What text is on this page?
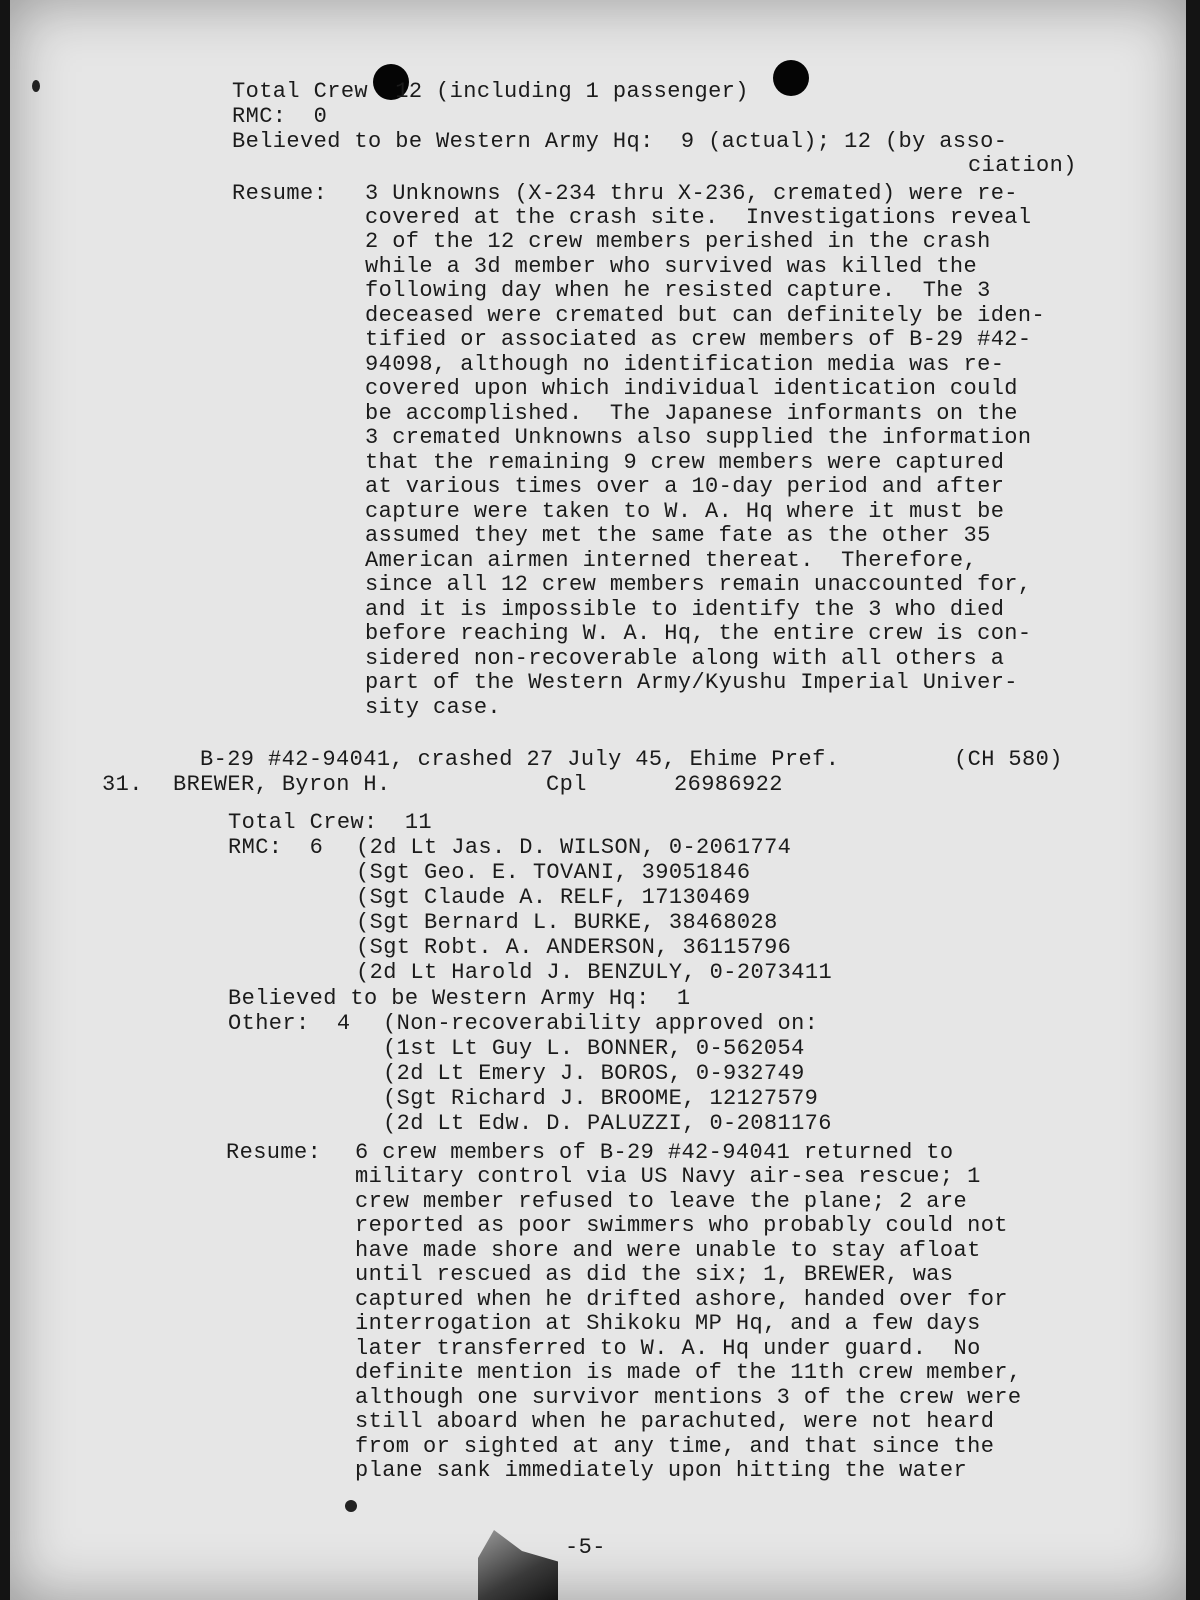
Total Crew  12 (including 1 passenger)
RMC:  0
Believed to be Western Army Hq:  9 (actual); 12 (by asso-
ciation)
Resume: 3 Unknowns (X-234 thru X-236, cremated) were re-
covered at the crash site.  Investigations reveal
2 of the 12 crew members perished in the crash
while a 3d member who survived was killed the
following day when he resisted capture.  The 3
deceased were cremated but can definitely be iden-
tified or associated as crew members of B-29 #42-
94098, although no identification media was re-
covered upon which individual identication could
be accomplished.  The Japanese informants on the
3 cremated Unknowns also supplied the information
that the remaining 9 crew members were captured
at various times over a 10-day period and after
capture were taken to W. A. Hq where it must be
assumed they met the same fate as the other 35
American airmen interned thereat.  Therefore,
since all 12 crew members remain unaccounted for,
and it is impossible to identify the 3 who died
before reaching W. A. Hq, the entire crew is con-
sidered non-recoverable along with all others a
part of the Western Army/Kyushu Imperial Univer-
sity case.
B-29 #42-94041, crashed 27 July 45, Ehime Pref.	(CH 580)
31. BREWER, Byron H.	Cpl	26986922
Total Crew:  11
RMC:  6 (2d Lt Jas. D. WILSON, 0-2061774
(Sgt Geo. E. TOVANI, 39051846
(Sgt Claude A. RELF, 17130469
(Sgt Bernard L. BURKE, 38468028
(Sgt Robt. A. ANDERSON, 36115796
(2d Lt Harold J. BENZULY, 0-2073411
Believed to be Western Army Hq:  1
Other:  4 (Non-recoverability approved on:
(1st Lt Guy L. BONNER, 0-562054
(2d Lt Emery J. BOROS, 0-932749
(Sgt Richard J. BROOME, 12127579
(2d Lt Edw. D. PALUZZI, 0-2081176
Resume: 6 crew members of B-29 #42-94041 returned to
military control via US Navy air-sea rescue; 1
crew member refused to leave the plane; 2 are
reported as poor swimmers who probably could not
have made shore and were unable to stay afloat
until rescued as did the six; 1, BREWER, was
captured when he drifted ashore, handed over for
interrogation at Shikoku MP Hq, and a few days
later transferred to W. A. Hq under guard.  No
definite mention is made of the 11th crew member,
although one survivor mentions 3 of the crew were
still aboard when he parachuted, were not heard
from or sighted at any time, and that since the
plane sank immediately upon hitting the water
-5-
